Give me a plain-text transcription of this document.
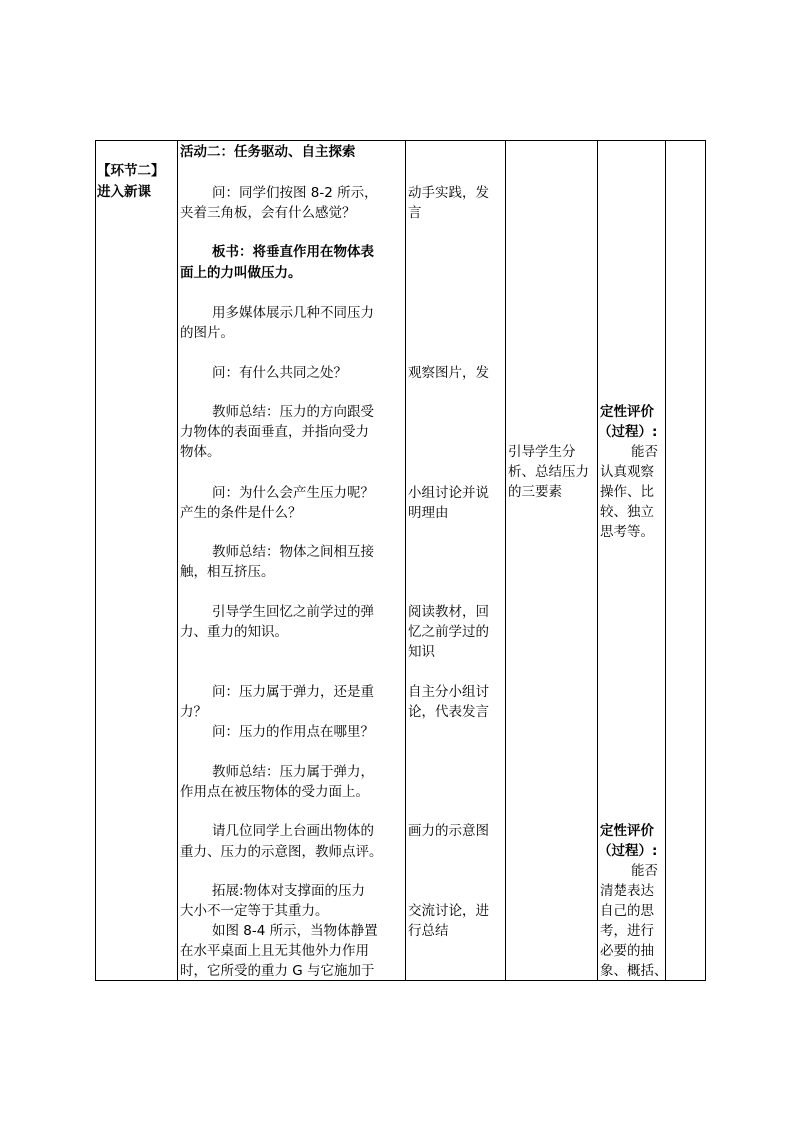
【环节二】
进入新课
活动二：任务驱动、自主探索
问：同学们按图 8-2 所示，
夹着三角板，会有什么感觉？
板书：将垂直作用在物体表
面上的力叫做压力。
用多媒体展示几种不同压力
的图片。
问：有什么共同之处？
教师总结：压力的方向跟受
力物体的表面垂直，并指向受力
物体。
问：为什么会产生压力呢？
产生的条件是什么？
教师总结：物体之间相互接
触，相互挤压。
引导学生回忆之前学过的弹
力、重力的知识。
问：压力属于弹力，还是重
力？
问：压力的作用点在哪里？
教师总结：压力属于弹力，
作用点在被压物体的受力面上。
请几位同学上台画出物体的
重力、压力的示意图，教师点评。
拓展:物体对支撑面的压力
大小不一定等于其重力。
如图 8-4 所示，当物体静置
在水平桌面上且无其他外力作用
时，它所受的重力 G 与它施加于
动手实践，发
言
观察图片，发
小组讨论并说
明理由
阅读教材，回
忆之前学过的
知识
自主分小组讨
论，代表发言
画力的示意图
交流讨论，进
行总结
引导学生分
析、总结压力
的三要素
定性评价
（过程）:
能否
认真观察
操作、比
较、独立
思考等。
定性评价
（过程）:
能否
清楚表达
自己的思
考，进行
必要的抽
象、概括、
